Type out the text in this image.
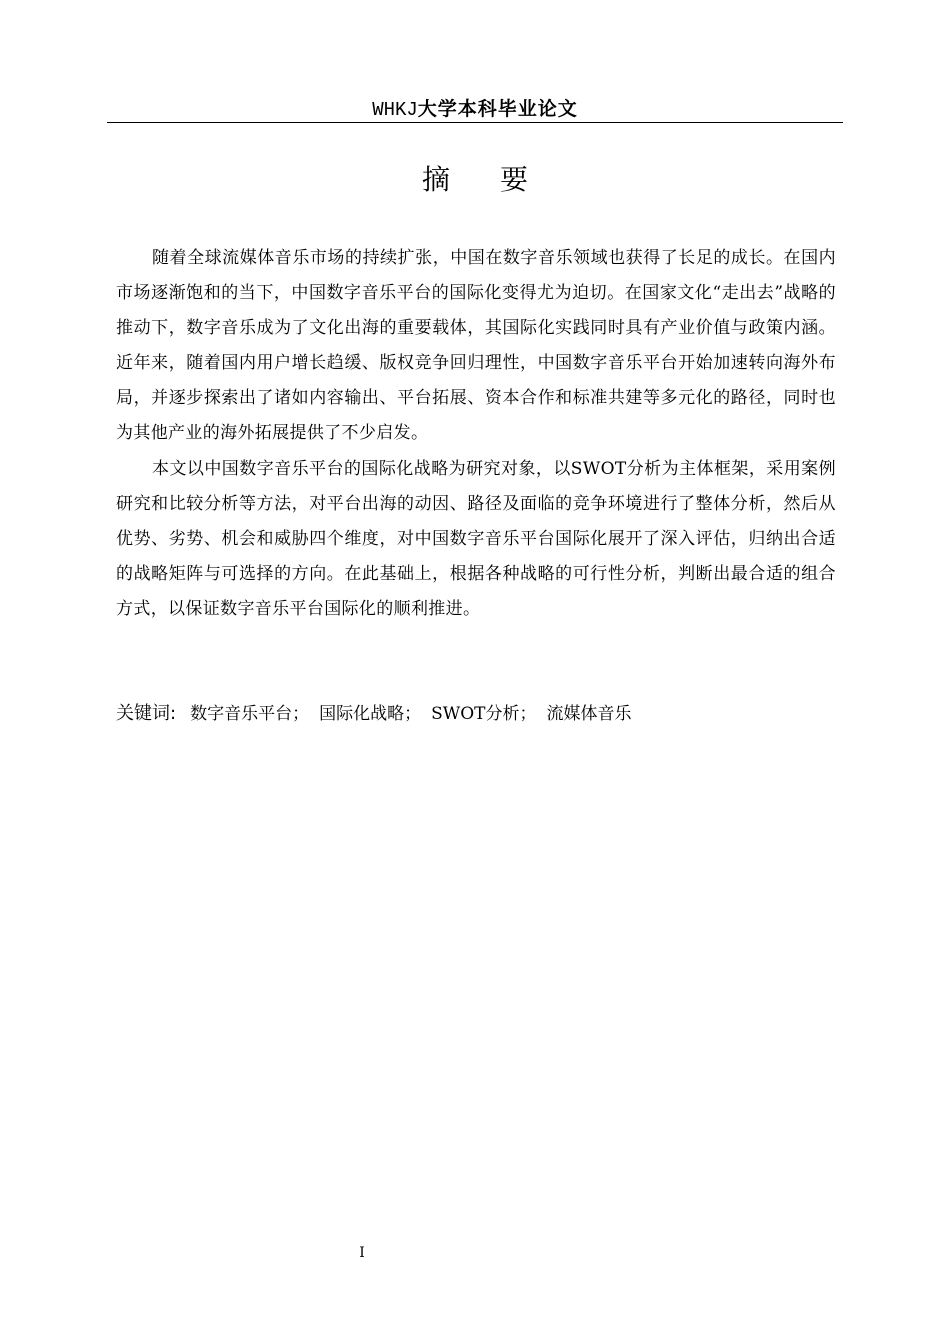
WHKJ大学本科毕业论文
摘 要

随着全球流媒体音乐市场的持续扩张，中国在数字音乐领域也获得了长足的成长。在国内市场逐渐饱和的当下，中国数字音乐平台的国际化变得尤为迫切。在国家文化“走出去”战略的推动下，数字音乐成为了文化出海的重要载体，其国际化实践同时具有产业价值与政策内涵。近年来，随着国内用户增长趋缓、版权竞争回归理性，中国数字音乐平台开始加速转向海外布局，并逐步探索出了诸如内容输出、平台拓展、资本合作和标准共建等多元化的路径，同时也为其他产业的海外拓展提供了不少启发。

本文以中国数字音乐平台的国际化战略为研究对象，以SWOT分析为主体框架，采用案例研究和比较分析等方法，对平台出海的动因、路径及面临的竞争环境进行了整体分析，然后从优势、劣势、机会和威胁四个维度，对中国数字音乐平台国际化展开了深入评估，归纳出合适的战略矩阵与可选择的方向。在此基础上，根据各种战略的可行性分析，判断出最合适的组合方式，以保证数字音乐平台国际化的顺利推进。

关键词: 数字音乐平台； 国际化战略； SWOT分析； 流媒体音乐
I
